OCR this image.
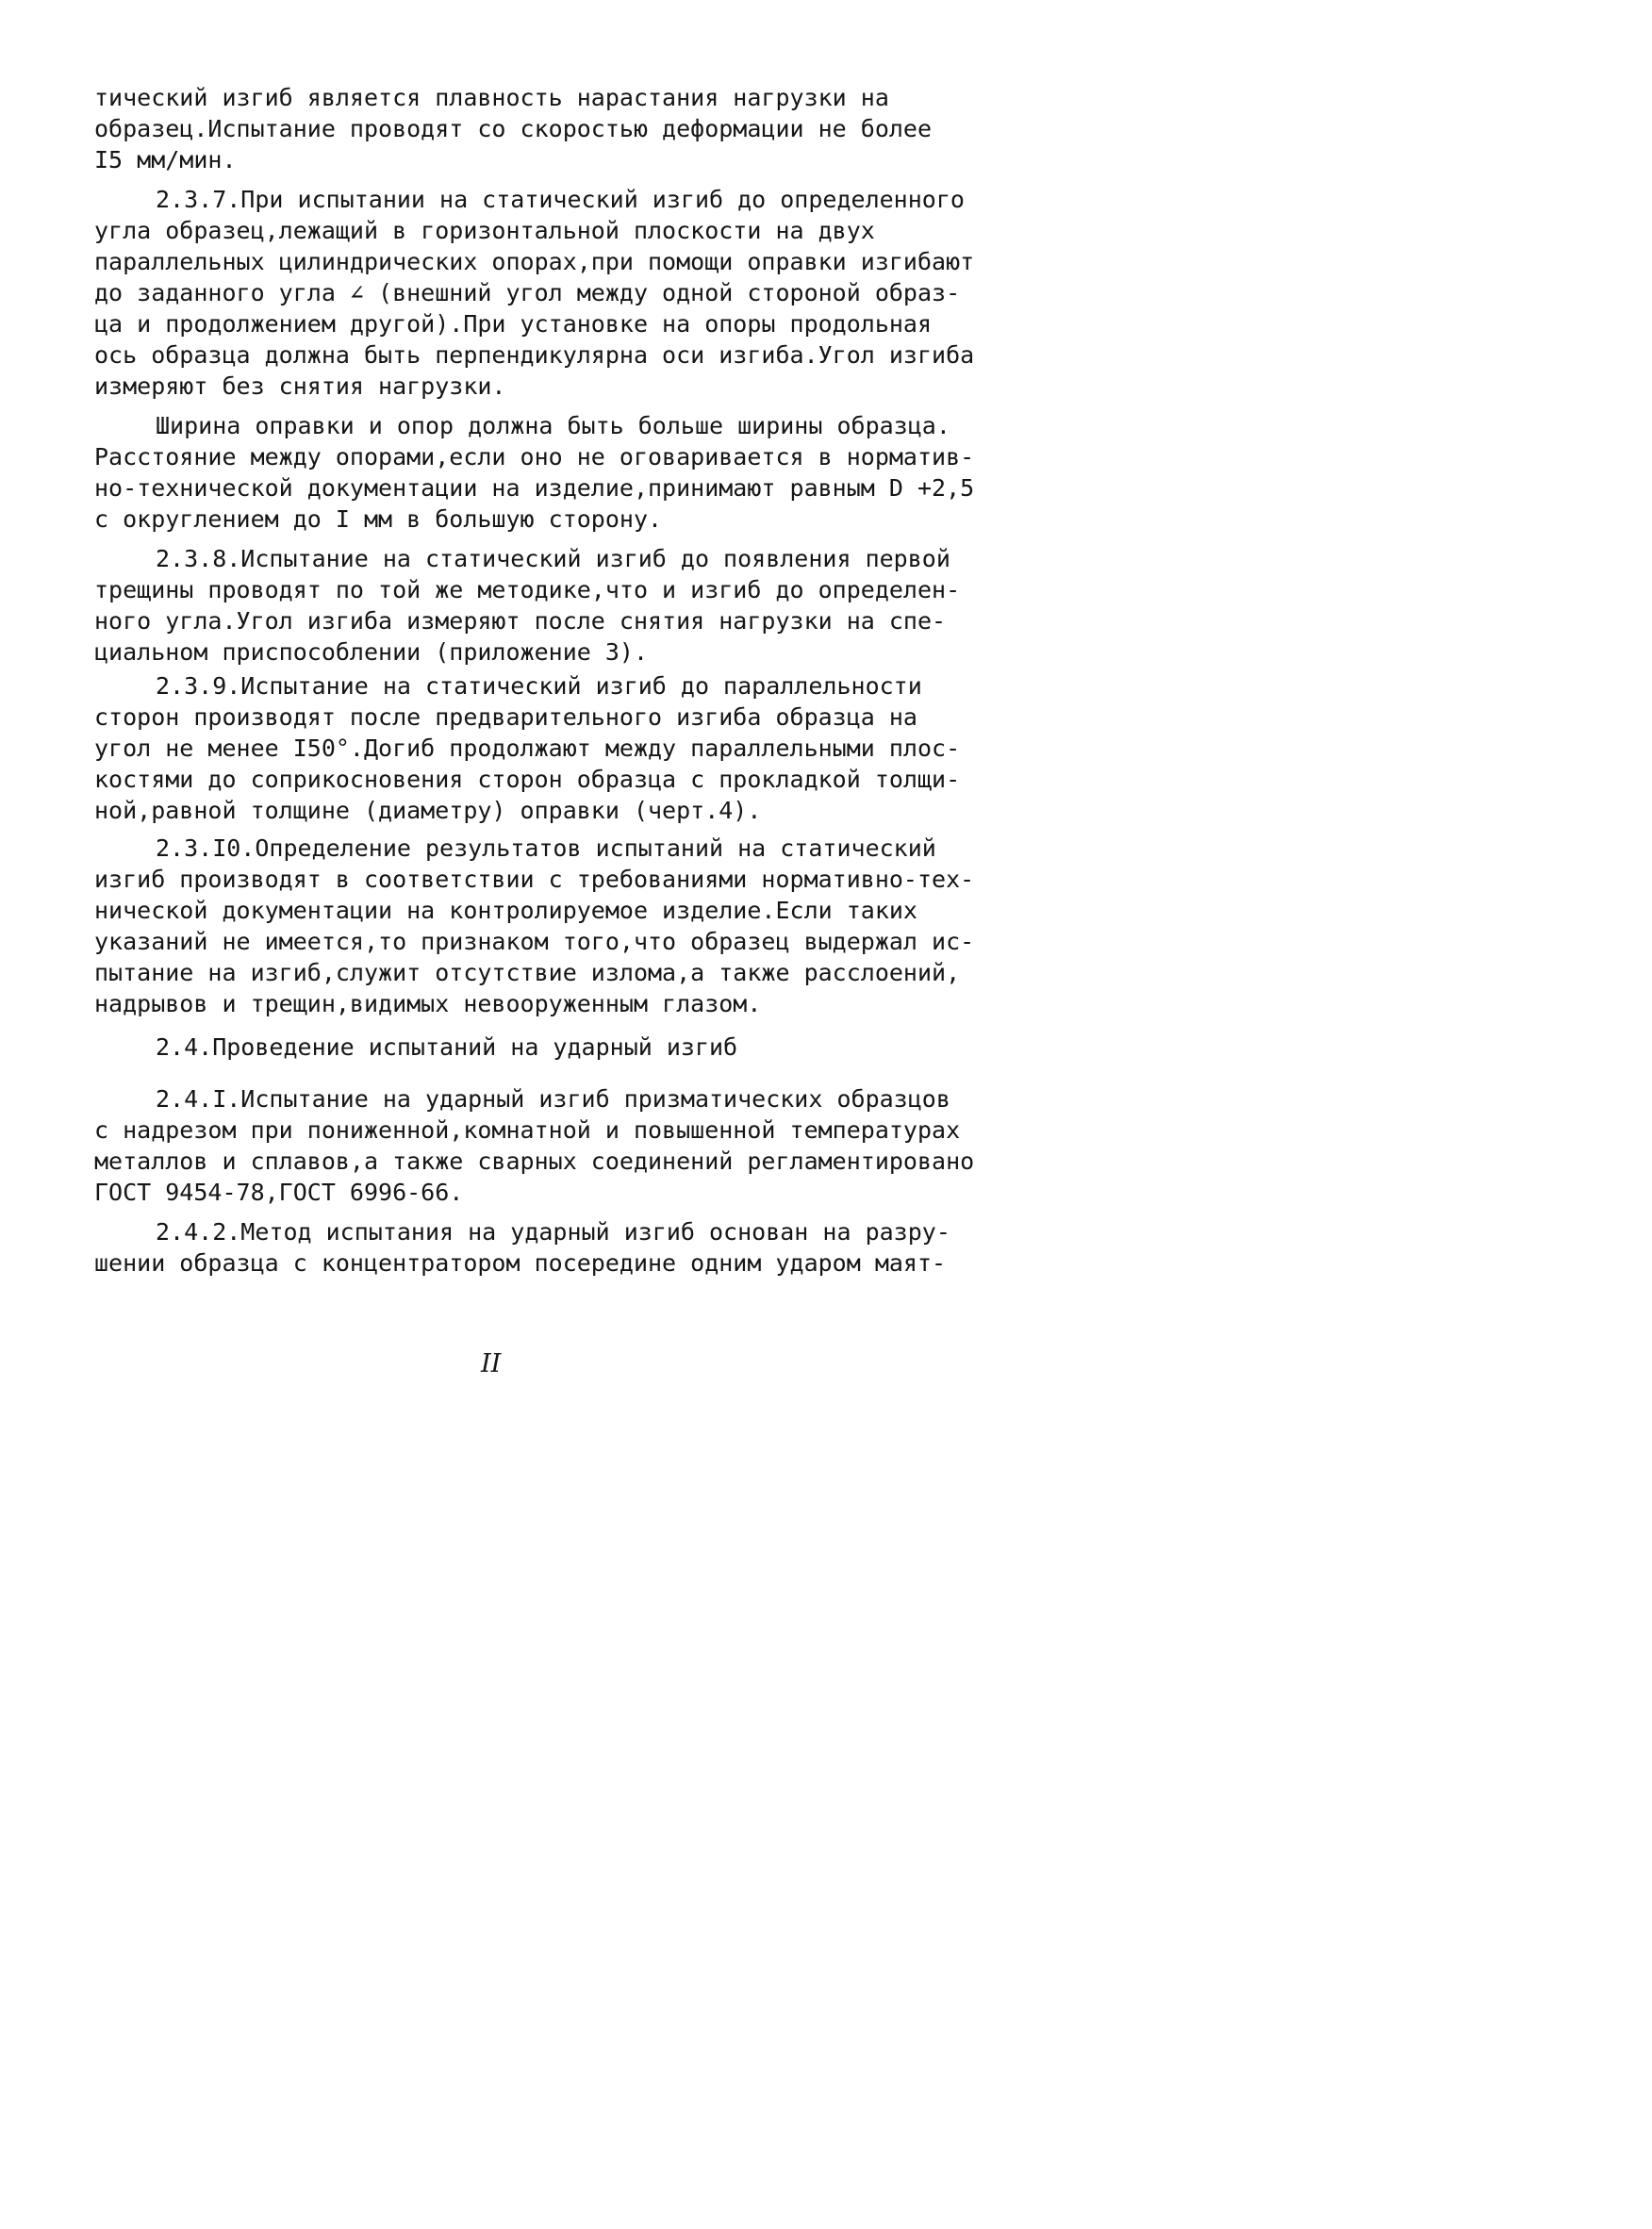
тический изгиб является плавность нарастания нагрузки на

образец.Испытание проводят со скоростью деформации не более

I5 мм/мин.

2.3.7.При испытании на статический изгиб до определенного

угла образец,лежащий в горизонтальной плоскости на двух

параллельных цилиндрических опорах,при помощи оправки изгибают

до заданного угла ∠ (внешний угол между одной стороной образ-

ца и продолжением другой).При установке на опоры продольная

ось образца должна быть перпендикулярна оси изгиба.Угол изгиба

измеряют без снятия нагрузки.

Ширина оправки и опор должна быть больше ширины образца.

Расстояние между опорами,если оно не оговаривается в норматив-

но-технической документации на изделие,принимают равным D +2,5

с округлением до I мм в большую сторону.

2.3.8.Испытание на статический изгиб до появления первой

трещины проводят по той же методике,что и изгиб до определен-

ного угла.Угол изгиба измеряют после снятия нагрузки на спе-

циальном приспособлении (приложение 3).

2.3.9.Испытание на статический изгиб до параллельности

сторон производят после предварительного изгиба образца на

угол не менее I50°.Догиб продолжают между параллельными плос-

костями до соприкосновения сторон образца с прокладкой толщи-

ной,равной толщине (диаметру) оправки (черт.4).

2.3.I0.Определение результатов испытаний на статический

изгиб производят в соответствии с требованиями нормативно-тех-

нической документации на контролируемое изделие.Если таких

указаний не имеется,то признаком того,что образец выдержал ис-

пытание на изгиб,служит отсутствие излома,а также расслоений,

надрывов и трещин,видимых невооруженным глазом.

2.4.Проведение испытаний на ударный изгиб

2.4.I.Испытание на ударный изгиб призматических образцов

с надрезом при пониженной,комнатной и повышенной температурах

металлов и сплавов,а также сварных соединений регламентировано

ГОСТ 9454-78,ГОСТ 6996-66.

2.4.2.Метод испытания на ударный изгиб основан на разру-

шении образца с концентратором посередине одним ударом маят-

II
